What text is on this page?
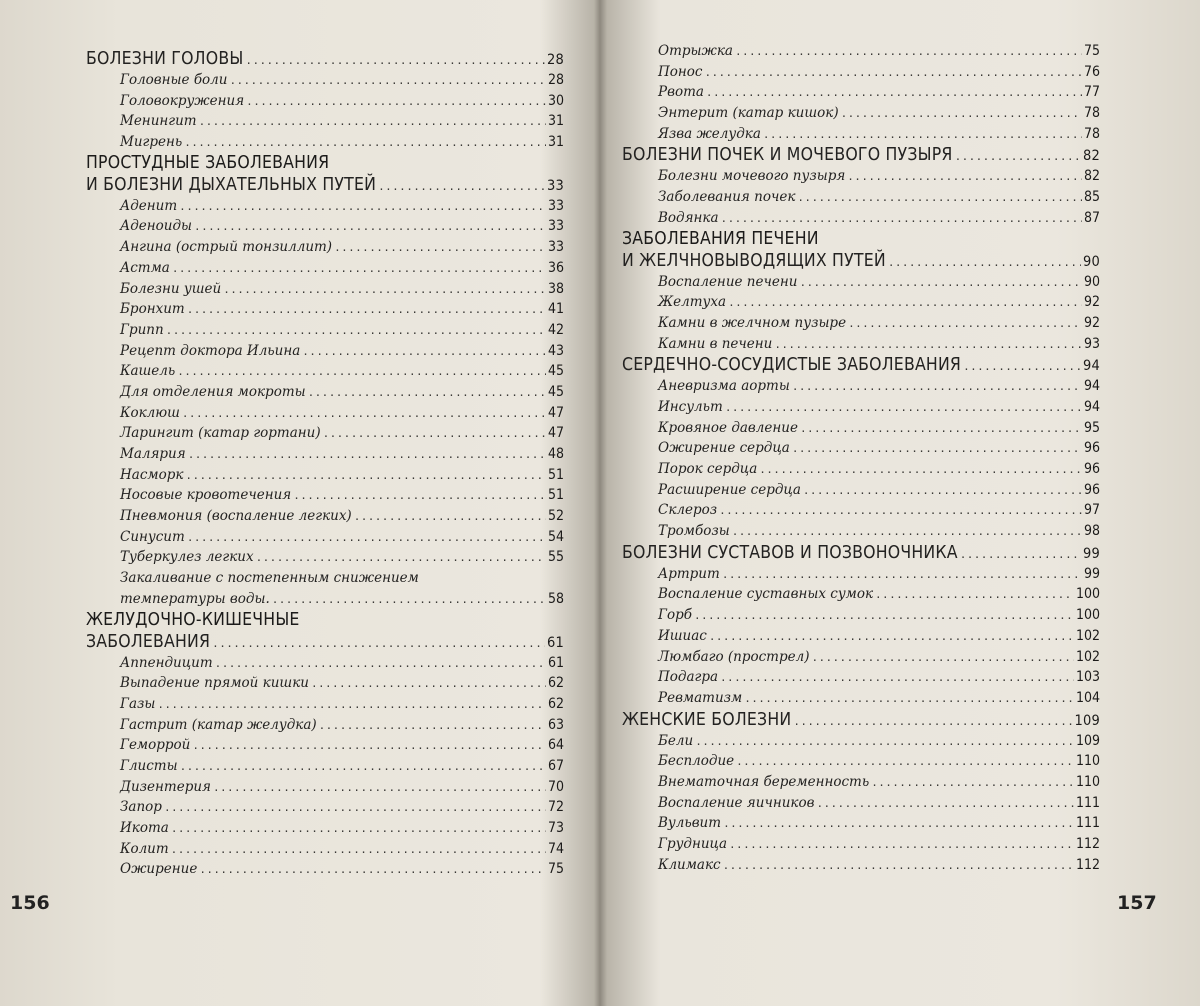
БОЛЕЗНИ ГОЛОВЫ .....	28
Головные боли .....	28
Головокружения .....	30
Менингит .....	31
Мигрень .....	31
ПРОСТУДНЫЕ ЗАБОЛЕВАНИЯ
И БОЛЕЗНИ ДЫХАТЕЛЬНЫХ ПУТЕЙ .....	33
Аденит .....	33
Аденоиды .....	33
Ангина (острый тонзиллит) .....	33
Астма .....	36
Болезни ушей .....	38
Бронхит .....	41
Грипп .....	42
Рецепт доктора Ильина .....	43
Кашель .....	45
Для отделения мокроты .....	45
Коклюш .....	47
Ларингит (катар гортани) .....	47
Малярия .....	48
Насморк .....	51
Носовые кровотечения .....	51
Пневмония (воспаление легких) .....	52
Синусит .....	54
Туберкулез легких .....	55
Закаливание с постепенным снижением
температуры воды. .....	58
ЖЕЛУДОЧНО-КИШЕЧНЫЕ
ЗАБОЛЕВАНИЯ .....	61
Аппендицит .....	61
Выпадение прямой кишки .....	62
Газы .....	62
Гастрит (катар желудка) .....	63
Геморрой .....	64
Глисты .....	67
Дизентерия .....	70
Запор .....	72
Икота .....	73
Колит .....	74
Ожирение .....	75
156
Отрыжка .....	75
Понос .....	76
Рвота .....	77
Энтерит (катар кишок) .....	78
Язва желудка .....	78
БОЛЕЗНИ ПОЧЕК И МОЧЕВОГО ПУЗЫРЯ .....	82
Болезни мочевого пузыря .....	82
Заболевания почек .....	85
Водянка .....	87
ЗАБОЛЕВАНИЯ ПЕЧЕНИ
И ЖЕЛЧНОВЫВОДЯЩИХ ПУТЕЙ .....	90
Воспаление печени .....	90
Желтуха .....	92
Камни в желчном пузыре .....	92
Камни в печени .....	93
СЕРДЕЧНО-СОСУДИСТЫЕ ЗАБОЛЕВАНИЯ .....	94
Аневризма аорты .....	94
Инсульт .....	94
Кровяное давление .....	95
Ожирение сердца .....	96
Порок сердца .....	96
Расширение сердца .....	96
Склероз .....	97
Тромбозы .....	98
БОЛЕЗНИ СУСТАВОВ И ПОЗВОНОЧНИКА .....	99
Артрит .....	99
Воспаление суставных сумок .....	100
Горб .....	100
Ишиас .....	102
Люмбаго (прострел) .....	102
Подагра .....	103
Ревматизм .....	104
ЖЕНСКИЕ БОЛЕЗНИ .....	109
Бели .....	109
Бесплодие .....	110
Внематочная беременность .....	110
Воспаление яичников .....	111
Вульвит .....	111
Грудница .....	112
Климакс .....	112
157
